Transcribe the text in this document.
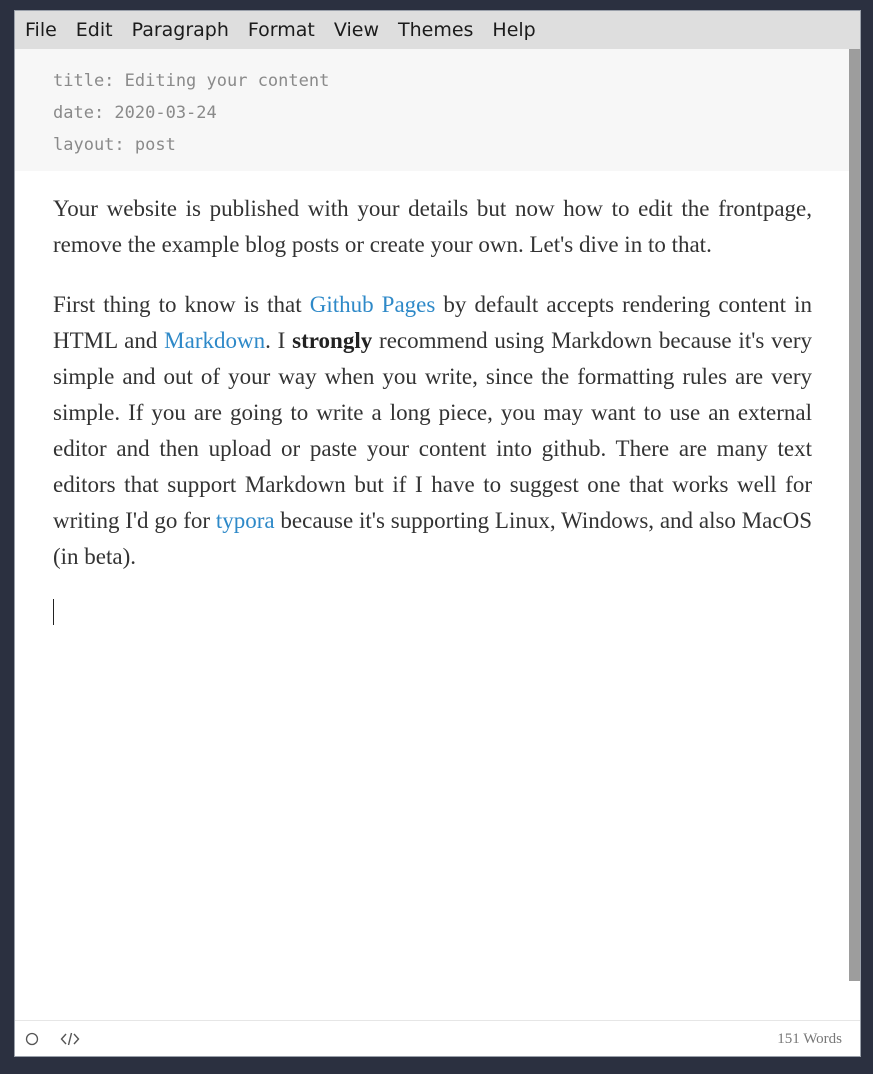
File Edit Paragraph Format View Themes Help
title: Editing your content
date: 2020-03-24
layout: post

Your website is published with your details but now how to edit the frontpage, remove the example blog posts or create your own. Let's dive in to that.

First thing to know is that Github Pages by default accepts rendering content in HTML and Markdown. I strongly recommend using Markdown because it's very simple and out of your way when you write, since the formatting rules are very simple. If you are going to write a long piece, you may want to use an external editor and then upload or paste your content into github. There are many text editors that support Markdown but if I have to suggest one that works well for writing I'd go for typora because it's supporting Linux, Windows, and also MacOS (in beta).

151 Words
